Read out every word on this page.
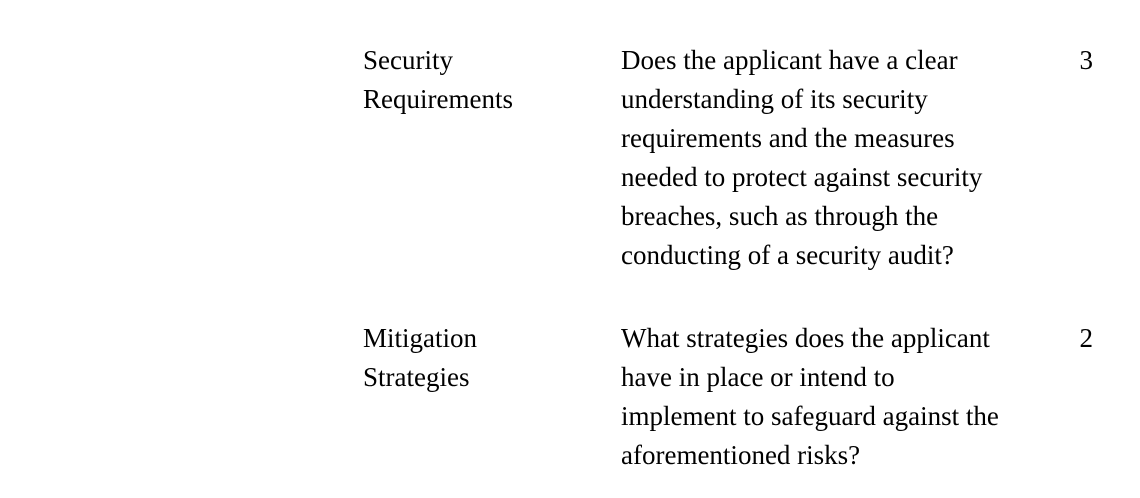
Security
Requirements
Does the applicant have a clear
understanding of its security
requirements and the measures
needed to protect against security
breaches, such as through the
conducting of a security audit?
3
Mitigation
Strategies
What strategies does the applicant
have in place or intend to
implement to safeguard against the
aforementioned risks?
2
